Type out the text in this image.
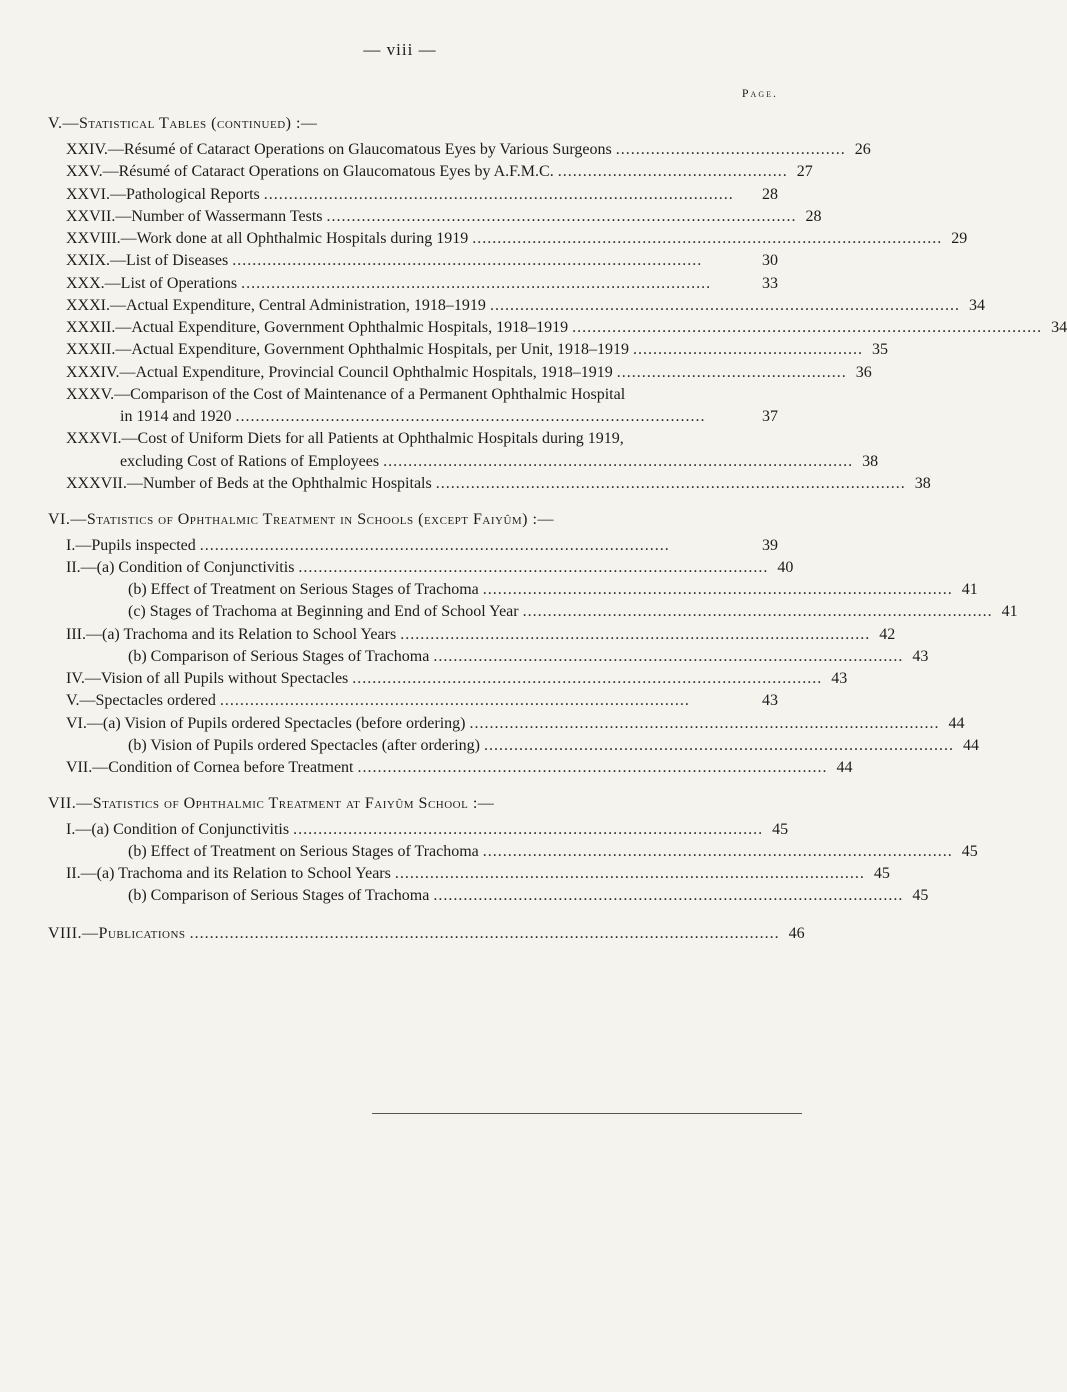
— viii —
Page.
V.—Statistical Tables (continued) :—
XXIV.—Résumé of Cataract Operations on Glaucomatous Eyes by Various Surgeons .............................................. 26
XXV.—Résumé of Cataract Operations on Glaucomatous Eyes by A.F.M.C. .............................................. 27
XXVI.—Pathological Reports ..............................................................................................	28
XXVII.—Number of Wassermann Tests .............................................................................................. 28
XXVIII.—Work done at all Ophthalmic Hospitals during 1919 .............................................................................................. 29
XXIX.—List of Diseases ..............................................................................................	30
XXX.—List of Operations ..............................................................................................	33
XXXI.—Actual Expenditure, Central Administration, 1918–1919 .............................................................................................. 34
XXXII.—Actual Expenditure, Government Ophthalmic Hospitals, 1918–1919 .............................................................................................. 34
XXXII.—Actual Expenditure, Government Ophthalmic Hospitals, per Unit, 1918–1919 .............................................. 35
XXXIV.—Actual Expenditure, Provincial Council Ophthalmic Hospitals, 1918–1919 .............................................. 36
XXXV.—Comparison of the Cost of Maintenance of a Permanent Ophthalmic Hospital
in 1914 and 1920 ..............................................................................................	37
XXXVI.—Cost of Uniform Diets for all Patients at Ophthalmic Hospitals during 1919,
excluding Cost of Rations of Employees .............................................................................................. 38
XXXVII.—Number of Beds at the Ophthalmic Hospitals .............................................................................................. 38
VI.—Statistics of Ophthalmic Treatment in Schools (except Faiyûm) :—
I.—Pupils inspected ..............................................................................................	39
II.—(a) Condition of Conjunctivitis .............................................................................................. 40
(b) Effect of Treatment on Serious Stages of Trachoma .............................................................................................. 41
(c) Stages of Trachoma at Beginning and End of School Year .............................................................................................. 41
III.—(a) Trachoma and its Relation to School Years .............................................................................................. 42
(b) Comparison of Serious Stages of Trachoma .............................................................................................. 43
IV.—Vision of all Pupils without Spectacles .............................................................................................. 43
V.—Spectacles ordered ..............................................................................................	43
VI.—(a) Vision of Pupils ordered Spectacles (before ordering) .............................................................................................. 44
(b) Vision of Pupils ordered Spectacles (after ordering) .............................................................................................. 44
VII.—Condition of Cornea before Treatment .............................................................................................. 44
VII.—Statistics of Ophthalmic Treatment at Faiyûm School :—
I.—(a) Condition of Conjunctivitis .............................................................................................. 45
(b) Effect of Treatment on Serious Stages of Trachoma .............................................................................................. 45
II.—(a) Trachoma and its Relation to School Years .............................................................................................. 45
(b) Comparison of Serious Stages of Trachoma .............................................................................................. 45
VIII.—Publications ...................................................................................................................... 46
